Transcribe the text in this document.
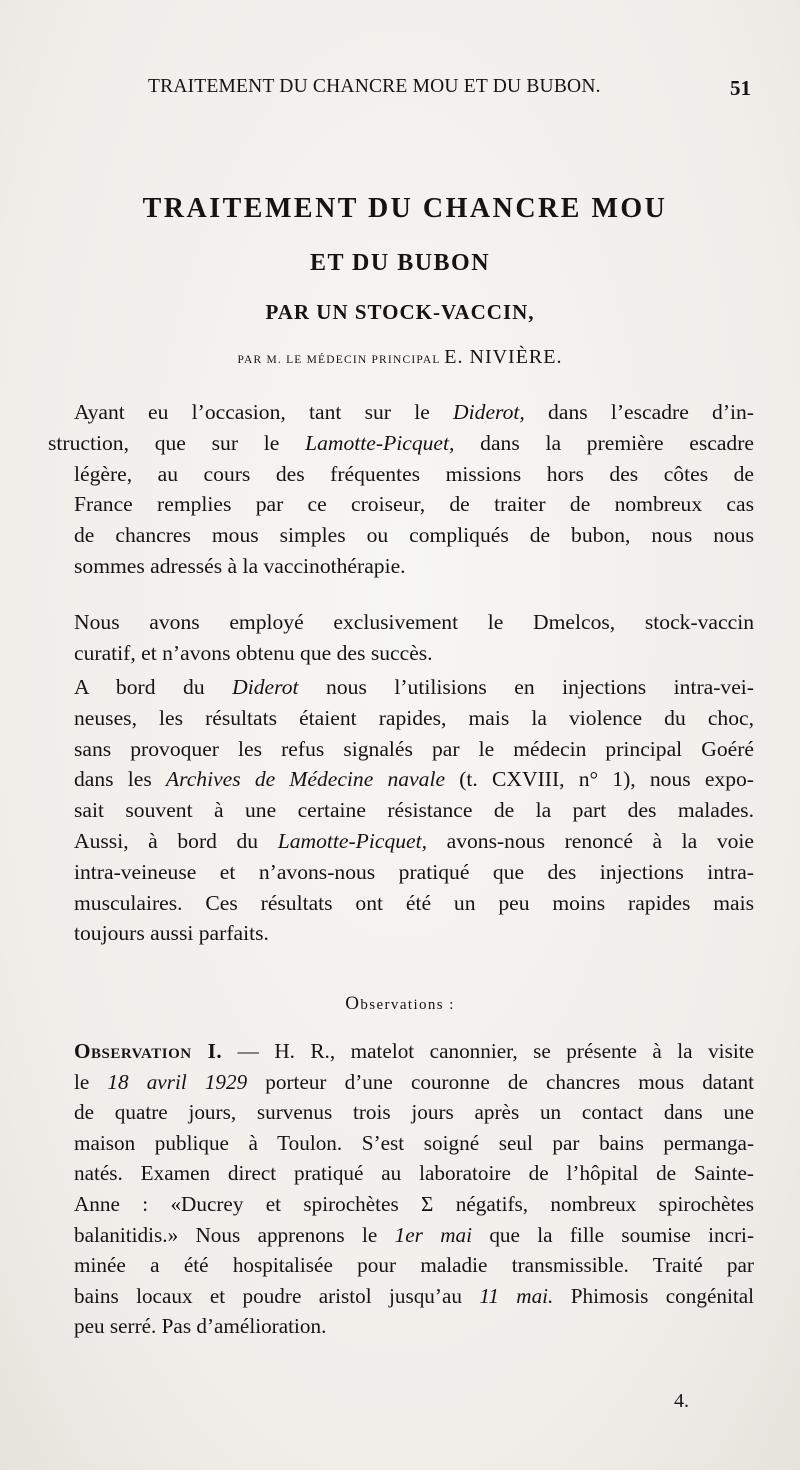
TRAITEMENT DU CHANCRE MOU ET DU BUBON.	51
TRAITEMENT DU CHANCRE MOU
ET DU BUBON
PAR UN STOCK-VACCIN,
PAR M. LE MÉDECIN PRINCIPAL E. NIVIÈRE.

Ayant eu l’occasion, tant sur le Diderot, dans l’escadre d’in-
struction, que sur le Lamotte-Picquet, dans la première escadre
légère, au cours des fréquentes missions hors des côtes de
France remplies par ce croiseur, de traiter de nombreux cas
de chancres mous simples ou compliqués de bubon, nous nous
sommes adressés à la vaccinothérapie.

Nous avons employé exclusivement le Dmelcos, stock-vaccin
curatif, et n’avons obtenu que des succès.

A bord du Diderot nous l’utilisions en injections intra-vei-
neuses, les résultats étaient rapides, mais la violence du choc,
sans provoquer les refus signalés par le médecin principal Goéré
dans les Archives de Médecine navale (t. CXVIII, n° 1), nous expo-
sait souvent à une certaine résistance de la part des malades.
Aussi, à bord du Lamotte-Picquet, avons-nous renoncé à la voie
intra-veineuse et n’avons-nous pratiqué que des injections intra-
musculaires. Ces résultats ont été un peu moins rapides mais
toujours aussi parfaits.

Observations :

Observation I. — H. R., matelot canonnier, se présente à la visite
le 18 avril 1929 porteur d’une couronne de chancres mous datant
de quatre jours, survenus trois jours après un contact dans une
maison publique à Toulon. S’est soigné seul par bains permanga-
natés. Examen direct pratiqué au laboratoire de l’hôpital de Sainte-
Anne : «Ducrey et spirochètes Σ négatifs, nombreux spirochètes
balanitidis.» Nous apprenons le 1er mai que la fille soumise incri-
minée a été hospitalisée pour maladie transmissible. Traité par
bains locaux et poudre aristol jusqu’au 11 mai. Phimosis congénital
peu serré. Pas d’amélioration.

4.
